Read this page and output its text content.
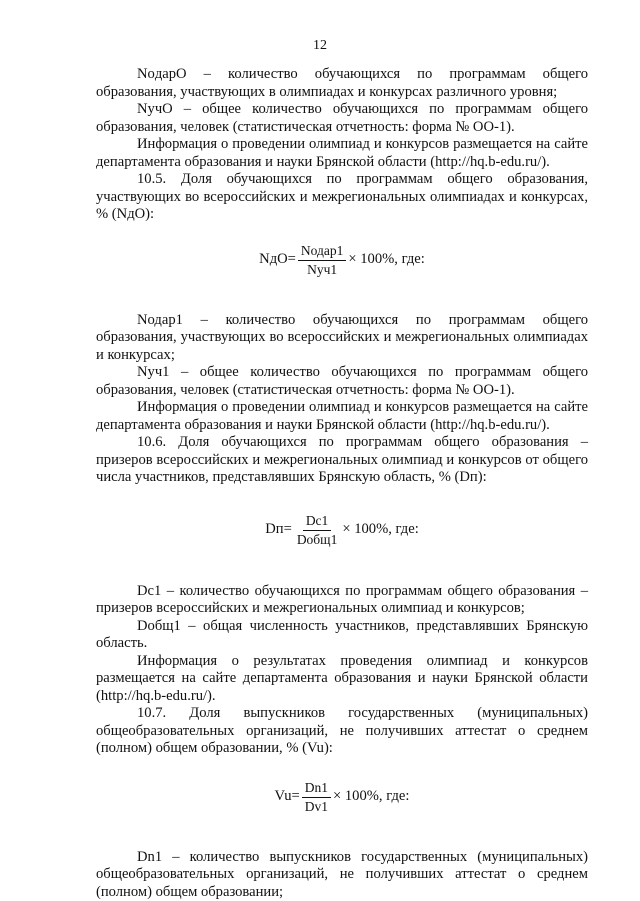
12

NoдарО – количество обучающихся по программам общего образования, участвующих в олимпиадах и конкурсах различного уровня;

NучО – общее количество обучающихся по программам общего образования, человек (статистическая отчетность: форма № ОО-1).

Информация о проведении олимпиад и конкурсов размещается на сайте департамента образования и науки Брянской области (http://hq.b-edu.ru/).

10.5. Доля обучающихся по программам общего образования, участвующих во всероссийских и межрегиональных олимпиадах и конкурсах, % (NдО):

$NдО= \frac{\text{Nодар1}}{\text{Nуч1}} \times 100\%$, где:

Nодар1 – количество обучающихся по программам общего образования, участвующих во всероссийских и межрегиональных олимпиадах и конкурсах;

Nуч1 – общее количество обучающихся по программам общего образования, человек (статистическая отчетность: форма № ОО-1).

Информация о проведении олимпиад и конкурсов размещается на сайте департамента образования и науки Брянской области (http://hq.b-edu.ru/).

10.6. Доля обучающихся по программам общего образования – призеров всероссийских и межрегиональных олимпиад и конкурсов от общего числа участников, представлявших Брянскую область, % (Dп):

$Dп= \frac{Dс1}{\text{Dобщ1}} \times 100\%$, где:

Dс1 – количество обучающихся по программам общего образования – призеров всероссийских и межрегиональных олимпиад и конкурсов;

Dобщ1 – общая численность участников, представлявших Брянскую область.

Информация о результатах проведения олимпиад и конкурсов размещается на сайте департамента образования и науки Брянской области (http://hq.b-edu.ru/).

10.7. Доля выпускников государственных (муниципальных) общеобразовательных организаций, не получивших аттестат о среднем (полном) общем образовании, % (Vu):

$Vu= \frac{Dn1}{Dv1} \times 100\%$, где:

Dn1 – количество выпускников государственных (муниципальных) общеобразовательных организаций, не получивших аттестат о среднем (полном) общем образовании;
